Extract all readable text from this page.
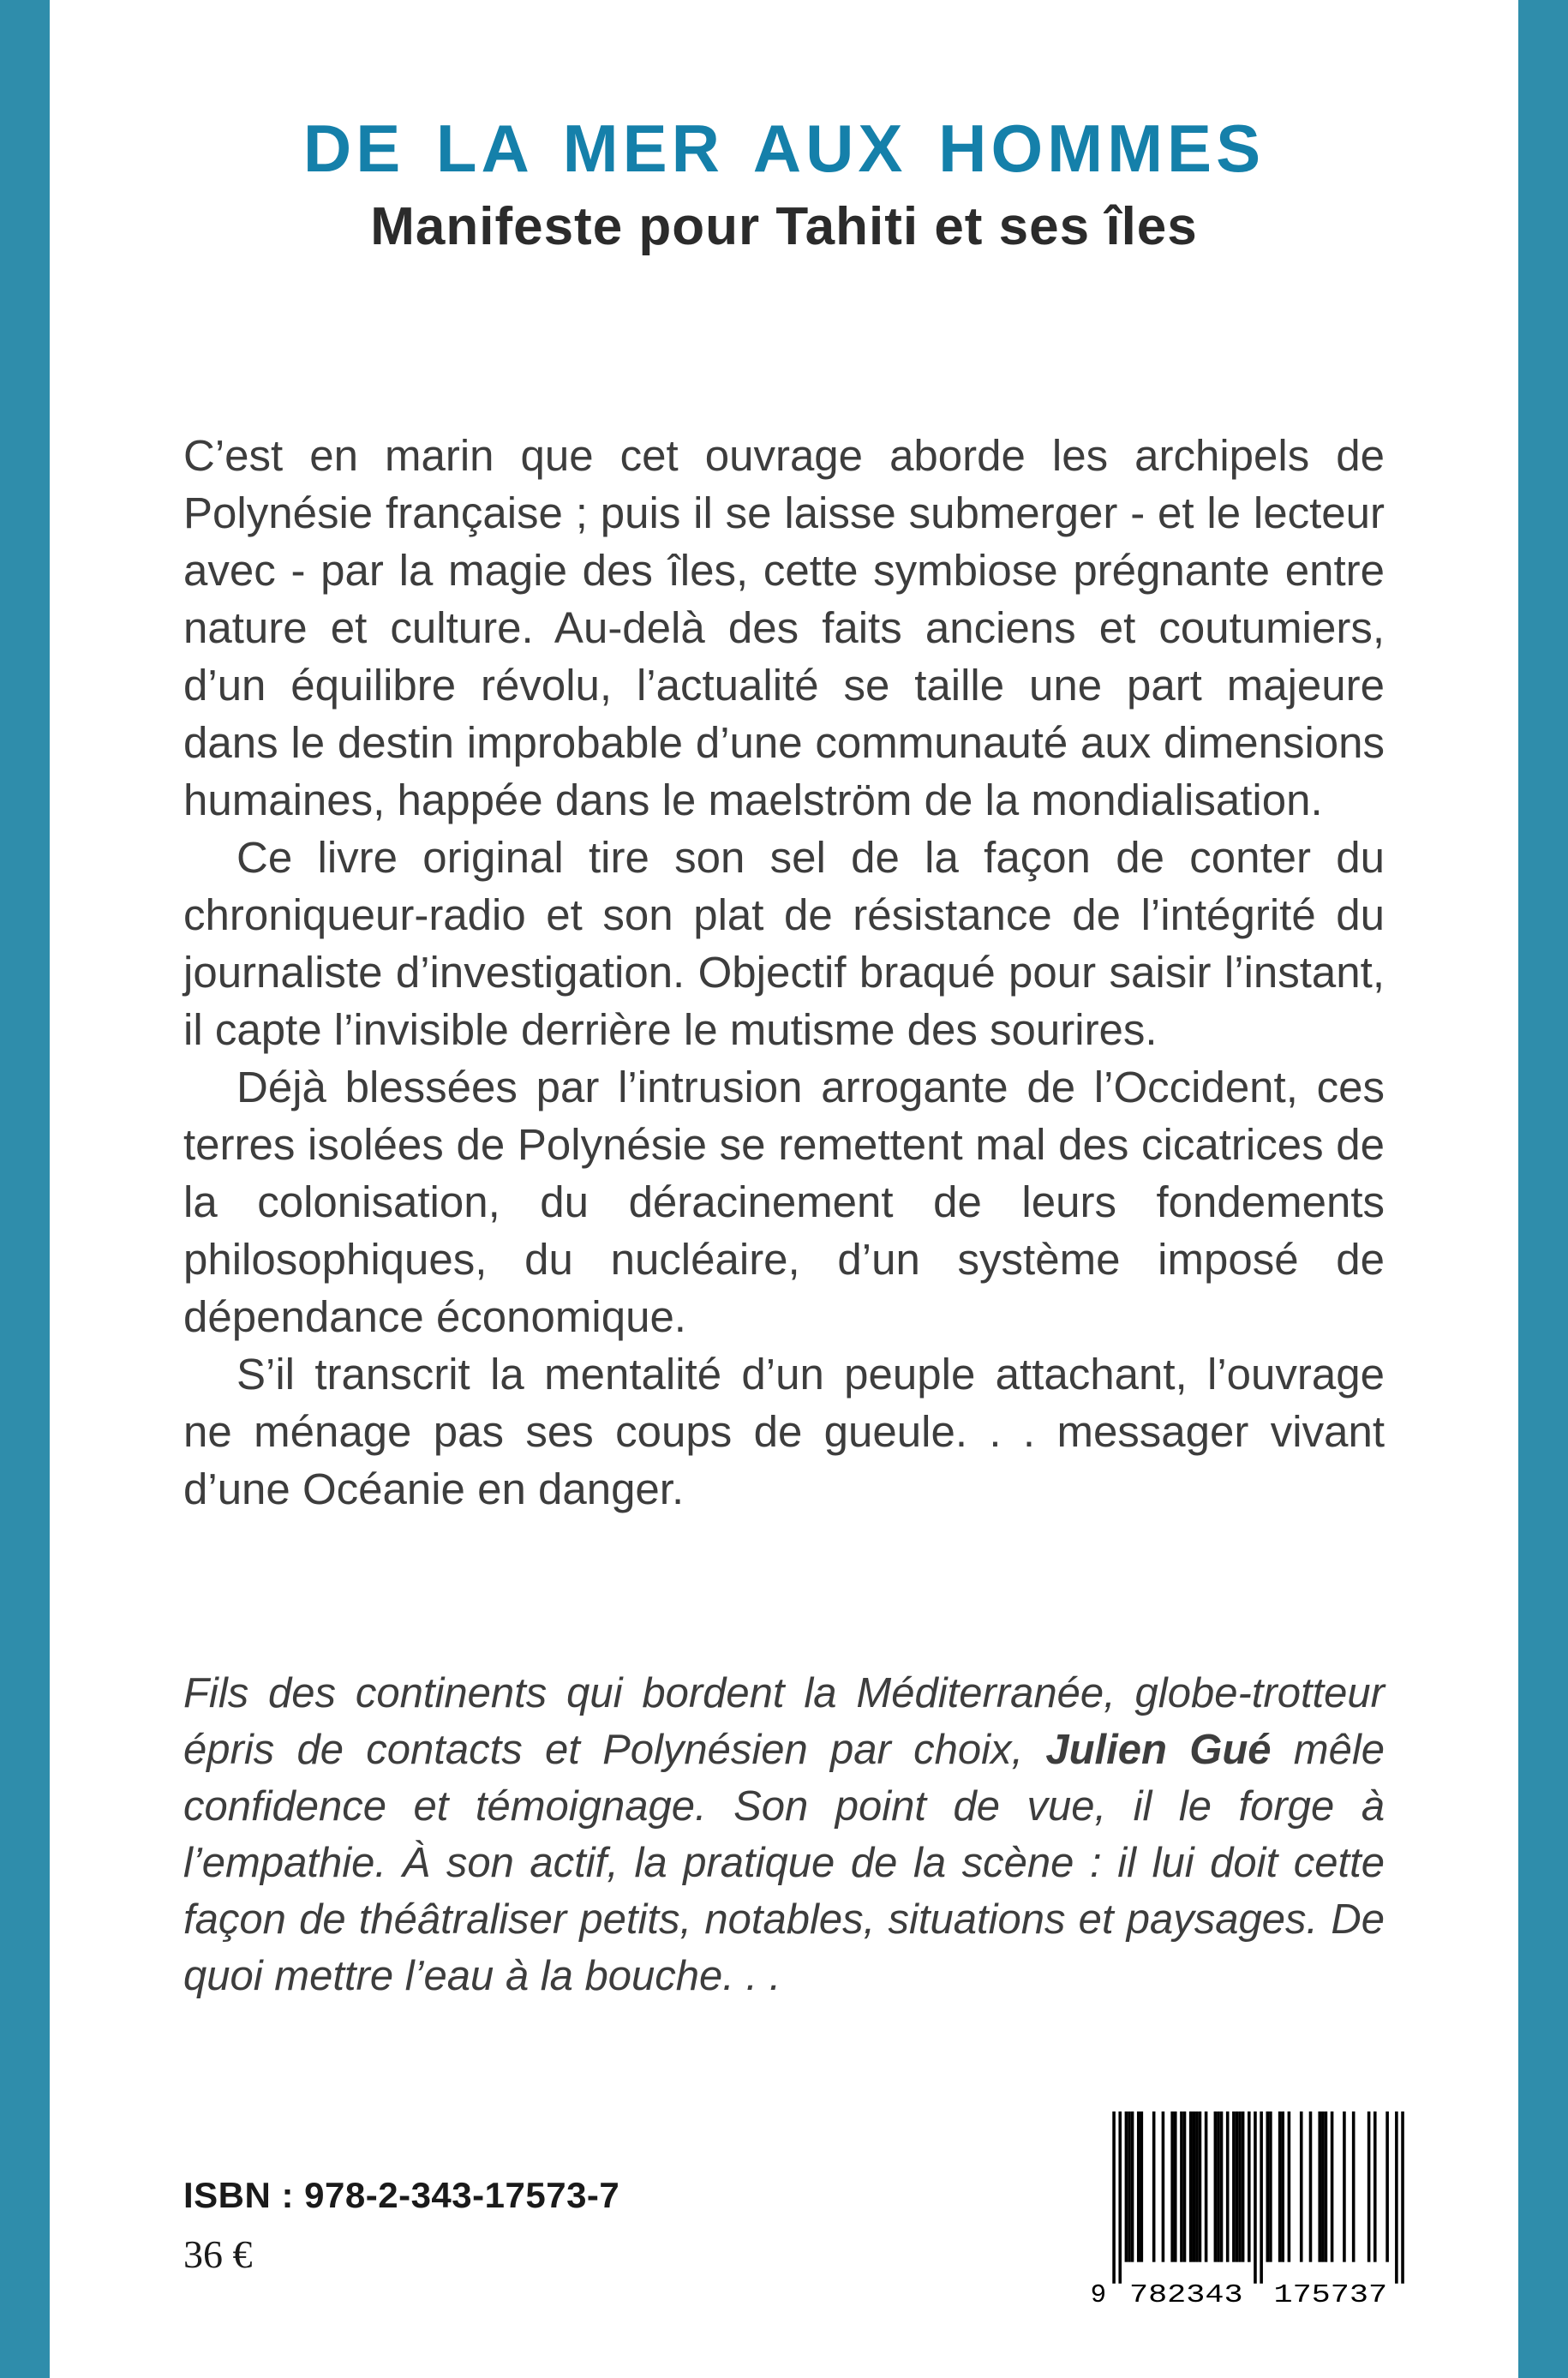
DE LA MER AUX HOMMES
Manifeste pour Tahiti et ses îles

C’est en marin que cet ouvrage aborde les archipels de Polynésie française ; puis il se laisse submerger - et le lecteur avec - par la magie des îles, cette symbiose prégnante entre nature et culture. Au-delà des faits anciens et coutumiers, d’un équilibre révolu, l’actualité se taille une part majeure dans le destin improbable d’une communauté aux dimensions humaines, happée dans le maelström de la mondialisation.

Ce livre original tire son sel de la façon de conter du chroniqueur-radio et son plat de résistance de l’intégrité du journaliste d’investigation. Objectif braqué pour saisir l’instant, il capte l’invisible derrière le mutisme des sourires.

Déjà blessées par l’intrusion arrogante de l’Occident, ces terres isolées de Polynésie se remettent mal des cicatrices de la colonisation, du déracinement de leurs fondements philosophiques, du nucléaire, d’un système imposé de dépendance économique.

S’il transcrit la mentalité d’un peuple attachant, l’ouvrage ne ménage pas ses coups de gueule. . . messager vivant d’une Océanie en danger.

Fils des continents qui bordent la Méditerranée, globe-trotteur épris de contacts et Polynésien par choix, Julien Gué mêle confidence et témoignage. Son point de vue, il le forge à l’empathie. À son actif, la pratique de la scène : il lui doit cette façon de théâtraliser petits, notables, situations et paysages. De quoi mettre l’eau à la bouche. . .

ISBN : 978-2-343-17573-7
36 €
9	782343	175737
